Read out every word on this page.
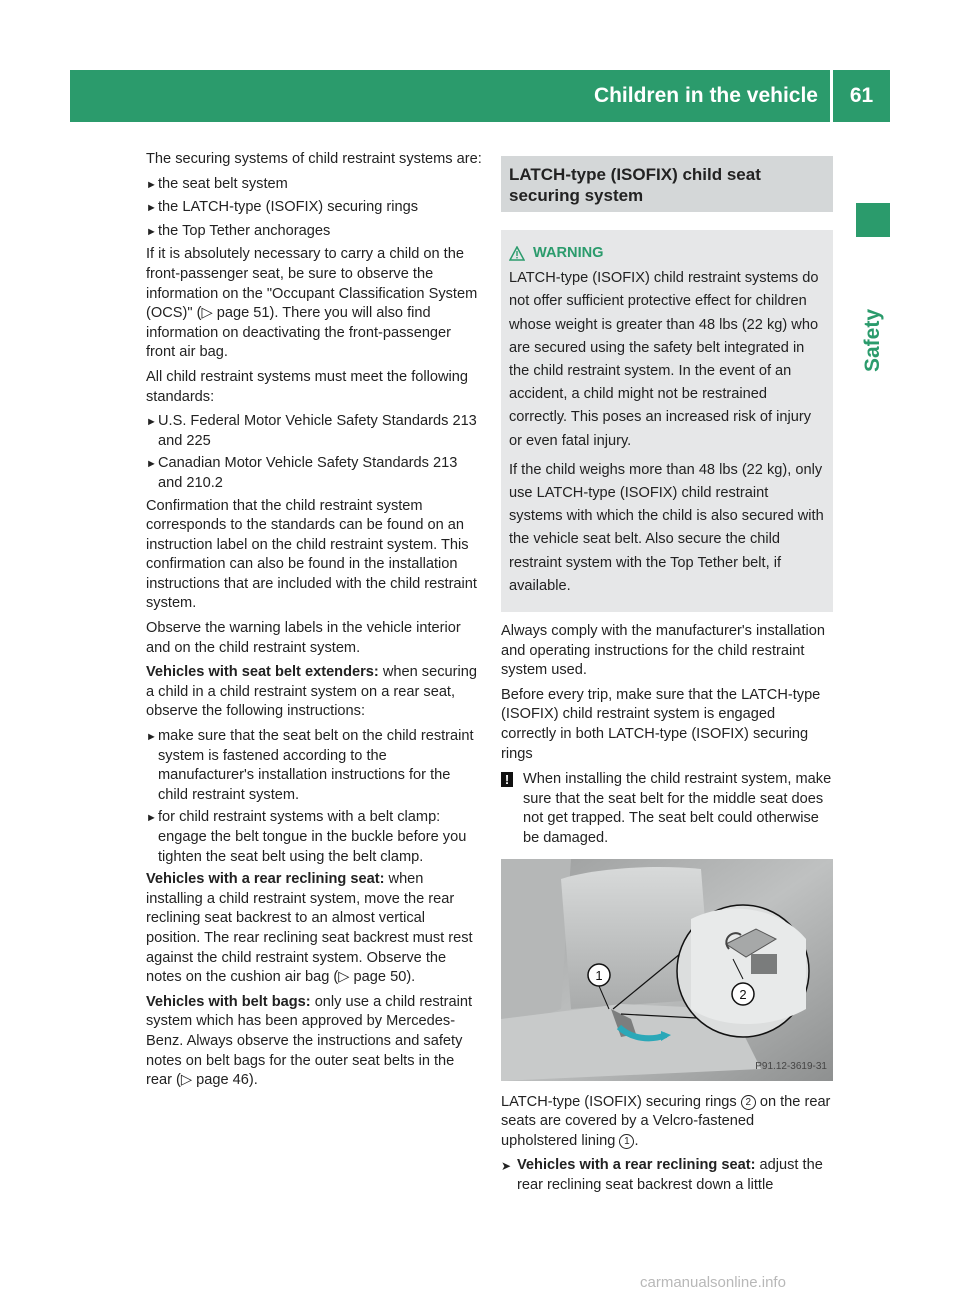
Children in the vehicle	61
Safety

The securing systems of child restraint systems are:

► the seat belt system
► the LATCH-type (ISOFIX) securing rings
► the Top Tether anchorages

If it is absolutely necessary to carry a child on the front-passenger seat, be sure to observe the information on the "Occupant Classification System (OCS)" (▷ page 51). There you will also find information on deactivating the front-passenger front air bag.

All child restraint systems must meet the following standards:

► U.S. Federal Motor Vehicle Safety Standards 213 and 225
► Canadian Motor Vehicle Safety Standards 213 and 210.2

Confirmation that the child restraint system corresponds to the standards can be found on an instruction label on the child restraint system. This confirmation can also be found in the installation instructions that are included with the child restraint system.

Observe the warning labels in the vehicle interior and on the child restraint system.

Vehicles with seat belt extenders: when securing a child in a child restraint system on a rear seat, observe the following instructions:

► make sure that the seat belt on the child restraint system is fastened according to the manufacturer's installation instructions for the child restraint system.
► for child restraint systems with a belt clamp: engage the belt tongue in the buckle before you tighten the seat belt using the belt clamp.

Vehicles with a rear reclining seat: when installing a child restraint system, move the rear reclining seat backrest to an almost vertical position. The rear reclining seat backrest must rest against the child restraint system. Observe the notes on the cushion air bag (▷ page 50).

Vehicles with belt bags: only use a child restraint system which has been approved by Mercedes-Benz. Always observe the instructions and safety notes on belt bags for the outer seat belts in the rear (▷ page 46).

LATCH-type (ISOFIX) child seat securing system
WARNING

LATCH-type (ISOFIX) child restraint systems do not offer sufficient protective effect for children whose weight is greater than 48 lbs (22 kg) who are secured using the safety belt integrated in the child restraint system. In the event of an accident, a child might not be restrained correctly. This poses an increased risk of injury or even fatal injury.

If the child weighs more than 48 lbs (22 kg), only use LATCH-type (ISOFIX) child restraint systems with which the child is also secured with the vehicle seat belt. Also secure the child restraint system with the Top Tether belt, if available.

Always comply with the manufacturer's installation and operating instructions for the child restraint system used.

Before every trip, make sure that the LATCH-type (ISOFIX) child restraint system is engaged correctly in both LATCH-type (ISOFIX) securing rings

! When installing the child restraint system, make sure that the seat belt for the middle seat does not get trapped. The seat belt could otherwise be damaged.
2
1
P91.12-3619-31

LATCH-type (ISOFIX) securing rings 2 on the rear seats are covered by a Velcro-fastened upholstered lining 1 .

➤ Vehicles with a rear reclining seat: adjust the rear reclining seat backrest down a little
carmanualsonline.info
